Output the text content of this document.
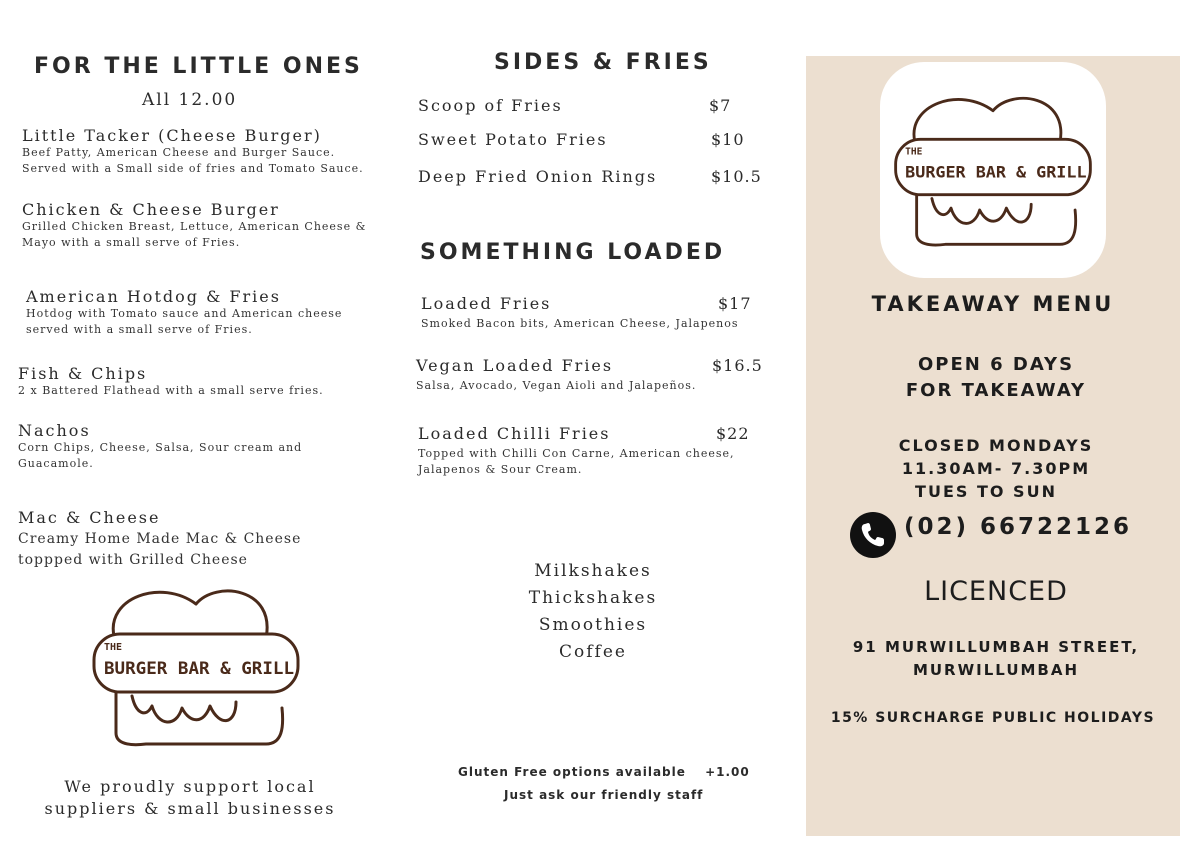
FOR THE LITTLE ONES
All 12.00
Little Tacker (Cheese Burger)
Beef Patty, American Cheese and Burger Sauce.
Served with a Small side of fries and Tomato Sauce.
Chicken & Cheese Burger
Grilled Chicken Breast, Lettuce, American Cheese &
Mayo with a small serve of Fries.
American Hotdog & Fries
Hotdog with Tomato sauce and American cheese
served with a small serve of Fries.
Fish & Chips
2 x Battered Flathead with a small serve fries.
Nachos
Corn Chips, Cheese, Salsa, Sour cream and
Guacamole.
Mac & Cheese
Creamy Home Made Mac & Cheese
toppped with Grilled Cheese
THE
BURGER BAR & GRILL
We proudly support local
suppliers & small businesses
SIDES & FRIES
Scoop of Fries	$7
Sweet Potato Fries	$10
Deep Fried Onion Rings	$10.5
SOMETHING LOADED
Loaded Fries	$17
Smoked Bacon bits, American Cheese, Jalapenos
Vegan Loaded Fries	$16.5
Salsa, Avocado, Vegan Aioli and Jalapeños.
Loaded Chilli Fries	$22
Topped with Chilli Con Carne, American cheese,
Jalapenos & Sour Cream.
Milkshakes
Thickshakes
Smoothies
Coffee
Gluten Free options available +1.00
Just ask our friendly staff
THE
BURGER BAR & GRILL
TAKEAWAY MENU
OPEN 6 DAYS
FOR TAKEAWAY
CLOSED MONDAYS
11.30AM- 7.30PM
TUES TO SUN
(02) 66722126
LICENCED
91 MURWILLUMBAH STREET,
MURWILLUMBAH
15% SURCHARGE PUBLIC HOLIDAYS
